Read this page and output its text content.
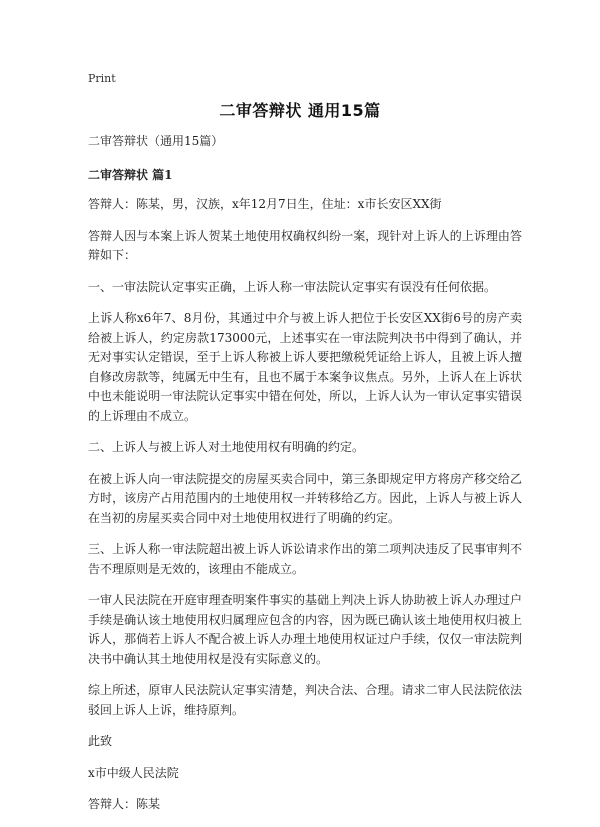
Print
二审答辩状 通用15篇

二审答辩状（通用15篇）

二审答辩状 篇1

答辩人：陈某，男，汉族，x年12月7日生，住址：x市长安区XX街

答辩人因与本案上诉人贺某土地使用权确权纠纷一案，现针对上诉人的上诉理由答辩如下：

一、一审法院认定事实正确，上诉人称一审法院认定事实有误没有任何依据。

上诉人称x6年7、8月份，其通过中介与被上诉人把位于长安区XX街6号的房产卖给被上诉人，约定房款173000元，上述事实在一审法院判决书中得到了确认，并无对事实认定错误，至于上诉人称被上诉人要把缴税凭证给上诉人，且被上诉人擅自修改房款等，纯属无中生有，且也不属于本案争议焦点。另外，上诉人在上诉状中也未能说明一审法院认定事实中错在何处，所以，上诉人认为一审认定事实错误的上诉理由不成立。

二、上诉人与被上诉人对土地使用权有明确的约定。

在被上诉人向一审法院提交的房屋买卖合同中，第三条即规定甲方将房产移交给乙方时，该房产占用范围内的土地使用权一并转移给乙方。因此，上诉人与被上诉人在当初的房屋买卖合同中对土地使用权进行了明确的约定。

三、上诉人称一审法院超出被上诉人诉讼请求作出的第二项判决违反了民事审判不告不理原则是无效的，该理由不能成立。

一审人民法院在开庭审理查明案件事实的基础上判决上诉人协助被上诉人办理过户手续是确认该土地使用权归属理应包含的内容，因为既已确认该土地使用权归被上诉人，那倘若上诉人不配合被上诉人办理土地使用权证过户手续，仅仅一审法院判决书中确认其土地使用权是没有实际意义的。

综上所述，原审人民法院认定事实清楚，判决合法、合理。请求二审人民法院依法驳回上诉人上诉，维持原判。

此致

x市中级人民法院

答辩人：陈某
